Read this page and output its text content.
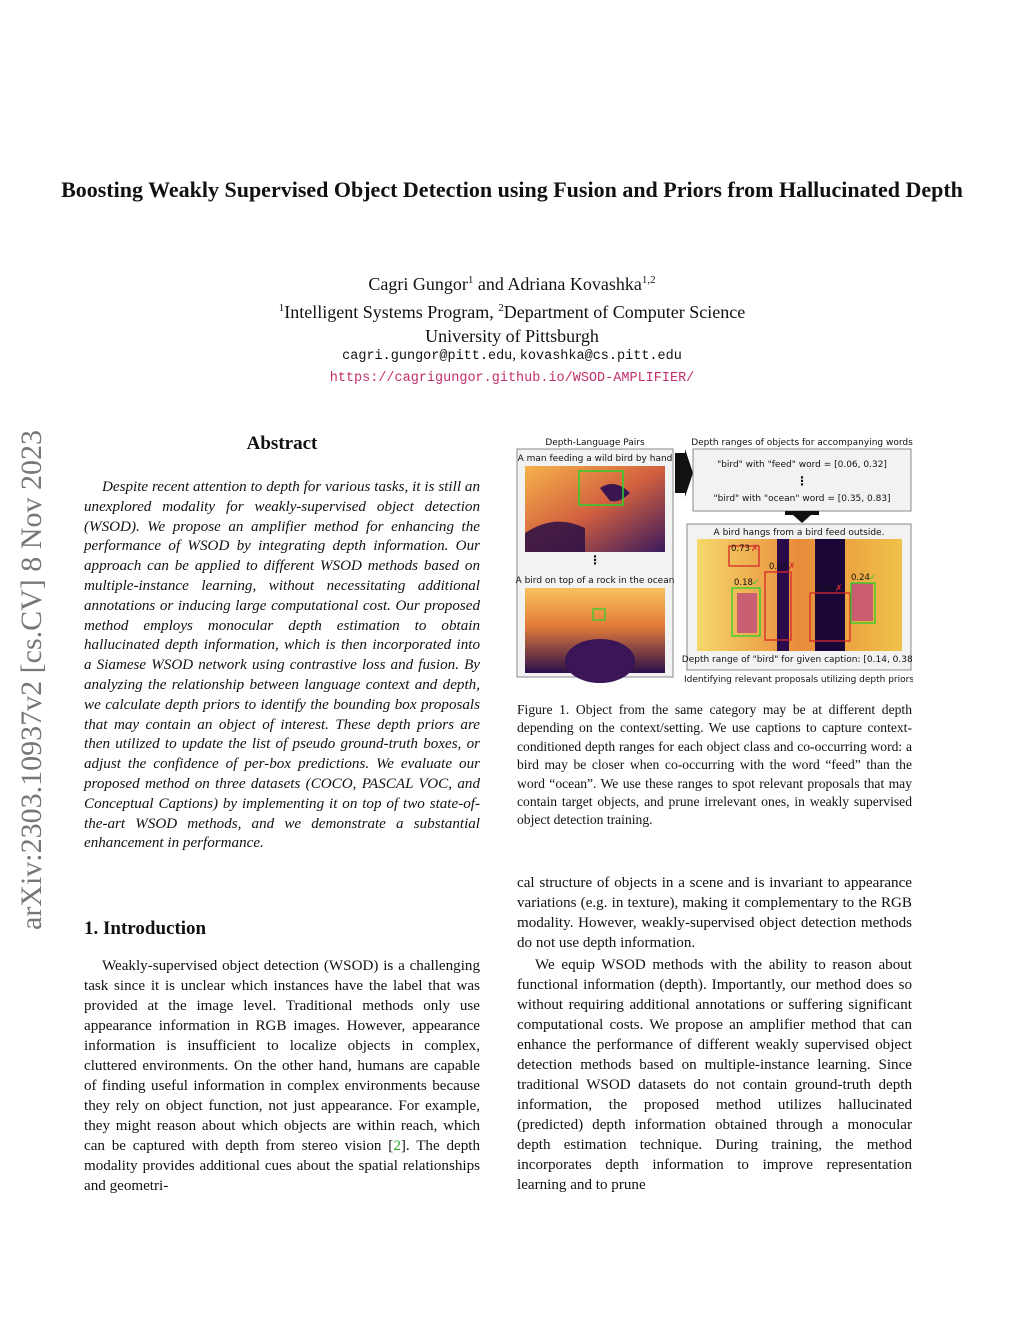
arXiv:2303.10937v2 [cs.CV] 8 Nov 2023
Boosting Weakly Supervised Object Detection using Fusion and Priors from Hallucinated Depth
Cagri Gungor$^1$ and Adriana Kovashka$^{1,2}$
$^1$Intelligent Systems Program, $^2$Department of Computer Science
University of Pittsburgh
cagri.gungor@pitt.edu, kovashka@cs.pitt.edu
https://cagrigungor.github.io/WSOD-AMPLIFIER/
Abstract
Despite recent attention to depth for various tasks, it is still an unexplored modality for weakly-supervised object detection (WSOD). We propose an amplifier method for enhancing the performance of WSOD by integrating depth information. Our approach can be applied to different WSOD methods based on multiple-instance learning, without necessitating additional annotations or inducing large computational cost. Our proposed method employs monocular depth estimation to obtain hallucinated depth information, which is then incorporated into a Siamese WSOD network using contrastive loss and fusion. By analyzing the relationship between language context and depth, we calculate depth priors to identify the bounding box proposals that may contain an object of interest. These depth priors are then utilized to update the list of pseudo ground-truth boxes, or adjust the confidence of per-box predictions. We evaluate our proposed method on three datasets (COCO, PASCAL VOC, and Conceptual Captions) by implementing it on top of two state-of-the-art WSOD methods, and we demonstrate a substantial enhancement in performance.
1. Introduction
Weakly-supervised object detection (WSOD) is a challenging task since it is unclear which instances have the label that was provided at the image level. Traditional methods only use appearance information in RGB images. However, appearance information is insufficient to localize objects in complex, cluttered environments. On the other hand, humans are capable of finding useful information in complex environments because they rely on object function, not just appearance. For example, they might reason about which objects are within reach, which can be captured with depth from stereo vision [2]. The depth modality provides additional cues about the spatial relationships and geometri-
cal structure of objects in a scene and is invariant to appearance variations (e.g. in texture), making it complementary to the RGB modality. However, weakly-supervised object detection methods do not use depth information.
We equip WSOD methods with the ability to reason about functional information (depth). Importantly, our method does so without requiring additional annotations or suffering significant computational costs. We propose an amplifier method that can enhance the performance of different weakly supervised object detection methods based on multiple-instance learning. Since traditional WSOD datasets do not contain ground-truth depth information, the proposed method utilizes hallucinated (predicted) depth information obtained through a monocular depth estimation technique. During training, the method incorporates depth information to improve representation learning and to prune
Depth-Language Pairs
A man feeding a wild bird by hand
⋮
A bird on top of a rock in the ocean
Depth ranges of objects for accompanying words
"bird" with "feed" word = [0.06, 0.32]
⋮
"bird" with "ocean" word = [0.35, 0.83]
A bird hangs from a bird feed outside.
0.73 ✗
0.08 ✗
0.18 ✓
0.06 ✗
0.24 ✓
Depth range of "bird" for given caption: [0.14, 0.38]
Identifying relevant proposals utilizing depth priors
Figure 1. Object from the same category may be at different depth depending on the context/setting. We use captions to capture context-conditioned depth ranges for each object class and co-occurring word: a bird may be closer when co-occurring with the word “feed” than the word “ocean”. We use these ranges to spot relevant proposals that may contain target objects, and prune irrelevant ones, in weakly supervised object detection training.
